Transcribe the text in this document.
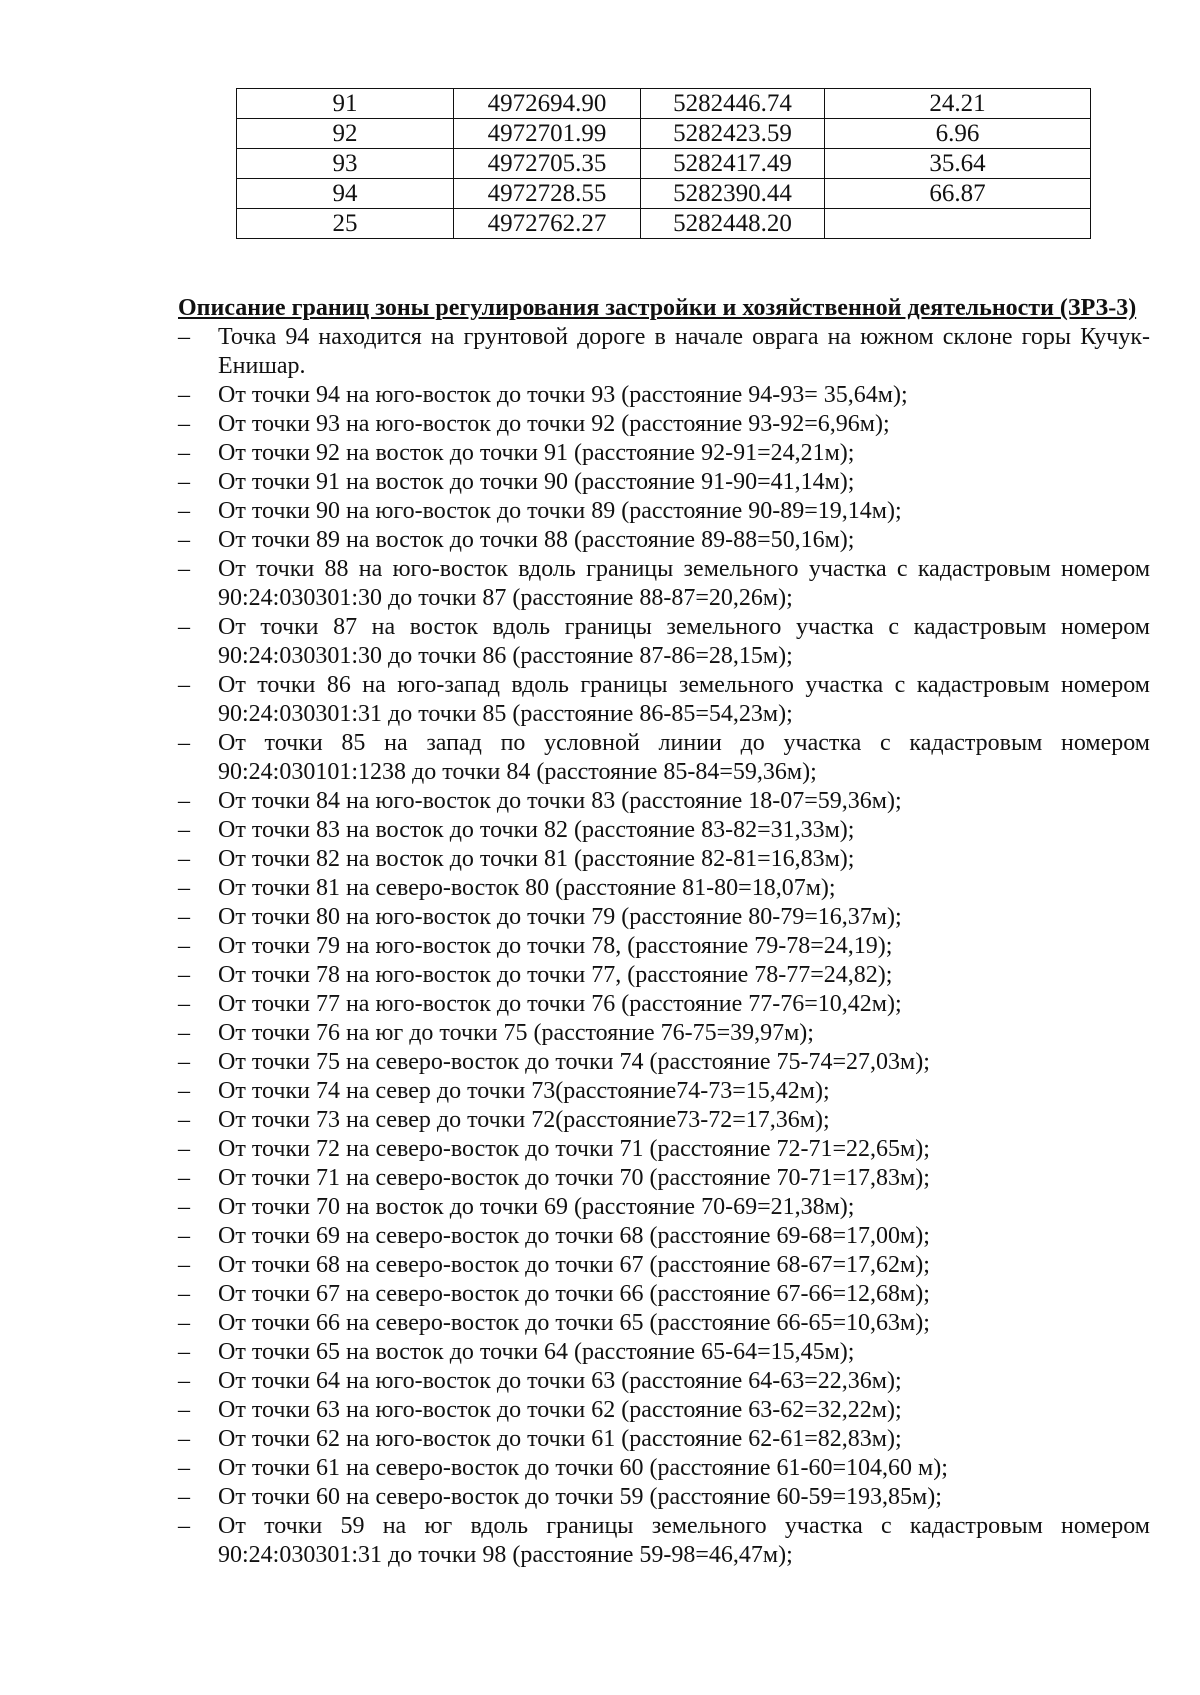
91	4972694.90	5282446.74	24.21
92	4972701.99	5282423.59	6.96
93	4972705.35	5282417.49	35.64
94	4972728.55	5282390.44	66.87
25	4972762.27	5282448.20	
Описание границ зоны регулирования застройки и хозяйственной деятельности (ЗРЗ-3)
– Точка 94 находится на грунтовой дороге в начале оврага на южном склоне горы Кучук-Енишар.
– От точки 94 на юго-восток до точки 93 (расстояние 94-93= 35,64м);
– От точки 93 на юго-восток до точки 92 (расстояние 93-92=6,96м);
– От точки 92 на восток до точки 91 (расстояние 92-91=24,21м);
– От точки 91 на восток до точки 90 (расстояние 91-90=41,14м);
– От точки 90 на юго-восток до точки 89 (расстояние 90-89=19,14м);
– От точки 89 на восток до точки 88 (расстояние 89-88=50,16м);
– От точки 88 на юго-восток вдоль границы земельного участка с кадастровым номером 90:24:030301:30 до точки 87 (расстояние 88-87=20,26м);
– От точки 87 на восток вдоль границы земельного участка с кадастровым номером 90:24:030301:30 до точки 86 (расстояние 87-86=28,15м);
– От точки 86 на юго-запад вдоль границы земельного участка с кадастровым номером 90:24:030301:31 до точки 85 (расстояние 86-85=54,23м);
– От точки 85 на запад по условной линии до участка с кадастровым номером 90:24:030101:1238 до точки 84 (расстояние 85-84=59,36м);
– От точки 84 на юго-восток до точки 83 (расстояние 18-07=59,36м);
– От точки 83 на восток до точки 82 (расстояние 83-82=31,33м);
– От точки 82 на восток до точки 81 (расстояние 82-81=16,83м);
– От точки 81 на северо-восток 80 (расстояние 81-80=18,07м);
– От точки 80 на юго-восток до точки 79 (расстояние 80-79=16,37м);
– От точки 79 на юго-восток до точки 78, (расстояние 79-78=24,19);
– От точки 78 на юго-восток до точки 77, (расстояние 78-77=24,82);
– От точки 77 на юго-восток до точки 76 (расстояние 77-76=10,42м);
– От точки 76 на юг до точки 75 (расстояние 76-75=39,97м);
– От точки 75 на северо-восток до точки 74 (расстояние 75-74=27,03м);
– От точки 74 на север до точки 73(расстояние74-73=15,42м);
– От точки 73 на север до точки 72(расстояние73-72=17,36м);
– От точки 72 на северо-восток до точки 71 (расстояние 72-71=22,65м);
– От точки 71 на северо-восток до точки 70 (расстояние 70-71=17,83м);
– От точки 70 на восток до точки 69 (расстояние 70-69=21,38м);
– От точки 69 на северо-восток до точки 68 (расстояние 69-68=17,00м);
– От точки 68 на северо-восток до точки 67 (расстояние 68-67=17,62м);
– От точки 67 на северо-восток до точки 66 (расстояние 67-66=12,68м);
– От точки 66 на северо-восток до точки 65 (расстояние 66-65=10,63м);
– От точки 65 на восток до точки 64 (расстояние 65-64=15,45м);
– От точки 64 на юго-восток до точки 63 (расстояние 64-63=22,36м);
– От точки 63 на юго-восток до точки 62 (расстояние 63-62=32,22м);
– От точки 62 на юго-восток до точки 61 (расстояние 62-61=82,83м);
– От точки 61 на северо-восток до точки 60 (расстояние 61-60=104,60 м);
– От точки 60 на северо-восток до точки 59 (расстояние 60-59=193,85м);
– От точки 59 на юг вдоль границы земельного участка с кадастровым номером 90:24:030301:31 до точки 98 (расстояние 59-98=46,47м);
